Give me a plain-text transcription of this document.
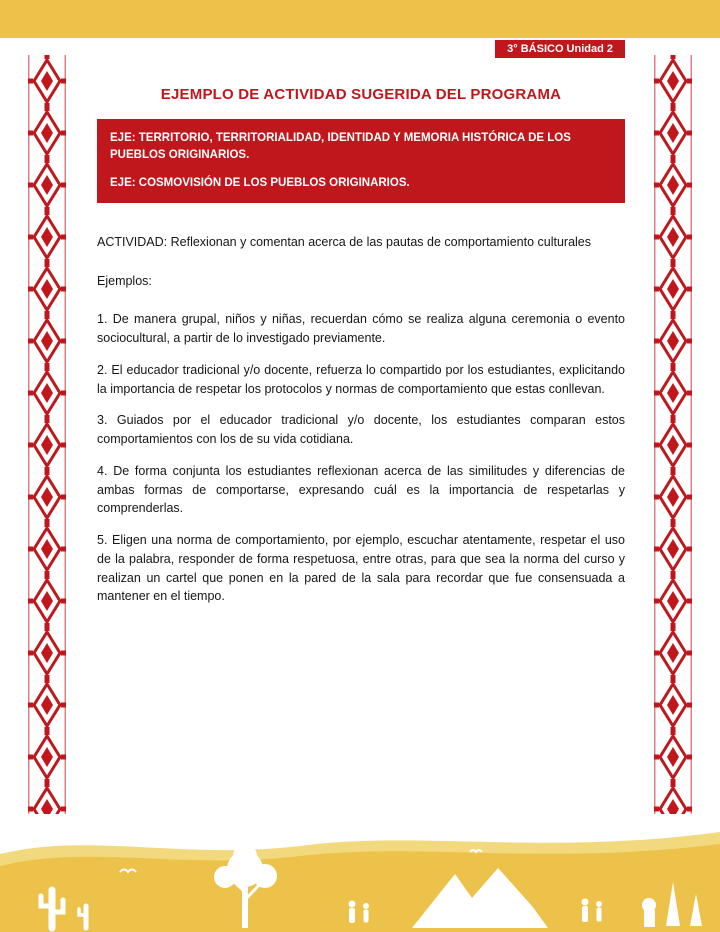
3° BÁSICO Unidad 2
EJEMPLO DE ACTIVIDAD SUGERIDA DEL PROGRAMA

EJE: TERRITORIO, TERRITORIALIDAD, IDENTIDAD Y MEMORIA HISTÓRICA DE LOS PUEBLOS ORIGINARIOS.

EJE: COSMOVISIÓN DE LOS PUEBLOS ORIGINARIOS.

ACTIVIDAD: Reflexionan y comentan acerca de las pautas de comportamiento culturales

Ejemplos:

1. De manera grupal, niños y niñas, recuerdan cómo se realiza alguna ceremonia o evento sociocultural, a partir de lo investigado previamente.

2. El educador tradicional y/o docente, refuerza lo compartido por los estudiantes, explicitando la importancia de respetar los protocolos y normas de comportamiento que estas conllevan.

3. Guiados por el educador tradicional y/o docente, los estudiantes comparan estos comportamientos con los de su vida cotidiana.

4. De forma conjunta los estudiantes reflexionan acerca de las similitudes y diferencias de ambas formas de comportarse, expresando cuál es la importancia de respetarlas y comprenderlas.

5. Eligen una norma de comportamiento, por ejemplo, escuchar atentamente, respetar el uso de la palabra, responder de forma respetuosa, entre otras, para que sea la norma del curso y realizan un cartel que ponen en la pared de la sala para recordar que fue consensuada a mantener en el tiempo.
